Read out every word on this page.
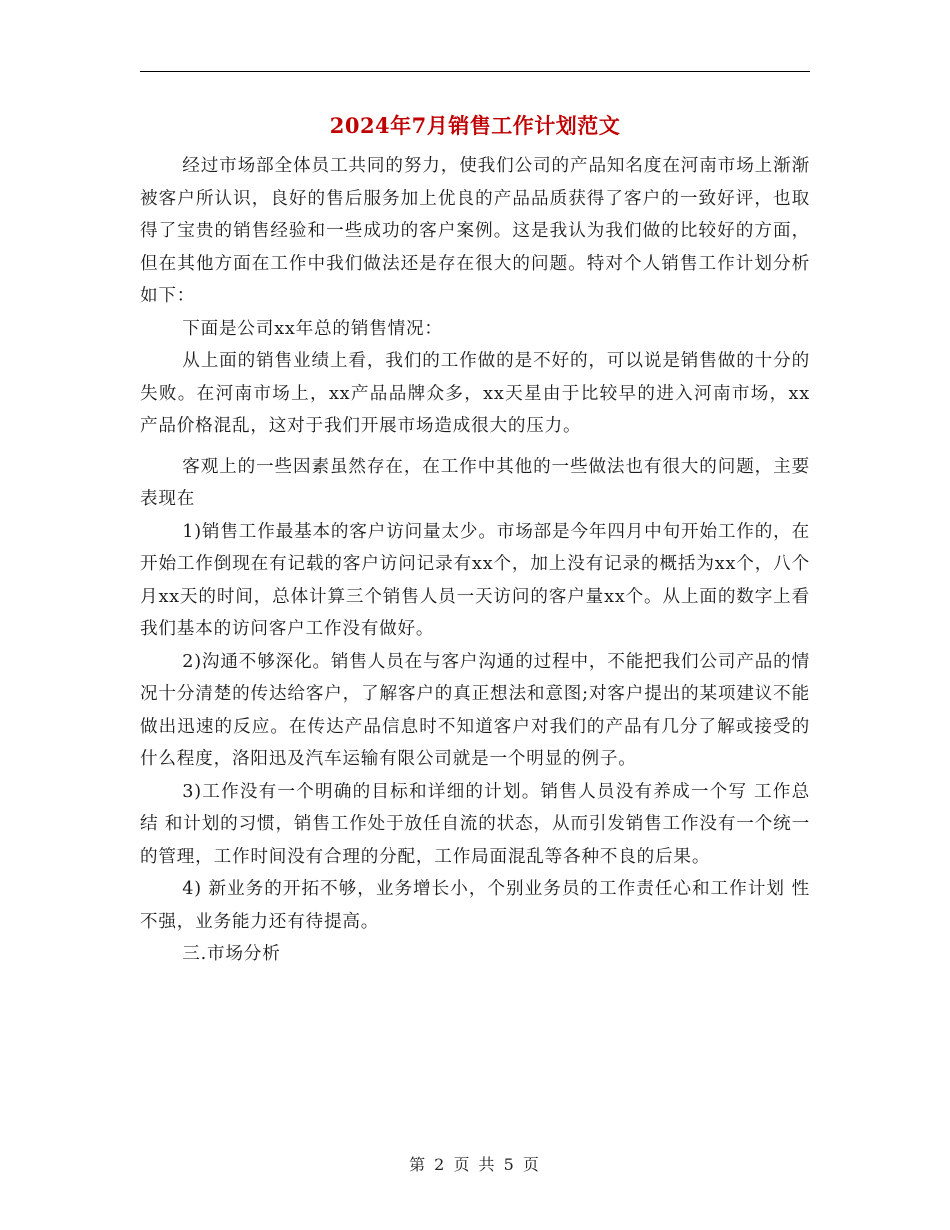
2024年7月销售工作计划范文

经过市场部全体员工共同的努力，使我们公司的产品知名度在河南市场上渐渐被客户所认识，良好的售后服务加上优良的产品品质获得了客户的一致好评，也取得了宝贵的销售经验和一些成功的客户案例。这是我认为我们做的比较好的方面，但在其他方面在工作中我们做法还是存在很大的问题。特对个人销售工作计划分析如下：

下面是公司xx年总的销售情况：

从上面的销售业绩上看，我们的工作做的是不好的，可以说是销售做的十分的失败。在河南市场上，xx产品品牌众多，xx天星由于比较早的进入河南市场，xx产品价格混乱，这对于我们开展市场造成很大的压力。

客观上的一些因素虽然存在，在工作中其他的一些做法也有很大的问题，主要表现在

1)销售工作最基本的客户访问量太少。市场部是今年四月中旬开始工作的，在开始工作倒现在有记载的客户访问记录有xx个，加上没有记录的概括为xx个，八个月xx天的时间，总体计算三个销售人员一天访问的客户量xx个。从上面的数字上看我们基本的访问客户工作没有做好。

2)沟通不够深化。销售人员在与客户沟通的过程中，不能把我们公司产品的情况十分清楚的传达给客户，了解客户的真正想法和意图;对客户提出的某项建议不能做出迅速的反应。在传达产品信息时不知道客户对我们的产品有几分了解或接受的什么程度，洛阳迅及汽车运输有限公司就是一个明显的例子。

3)工作没有一个明确的目标和详细的计划。销售人员没有养成一个写 工作总结 和计划的习惯，销售工作处于放任自流的状态，从而引发销售工作没有一个统一的管理，工作时间没有合理的分配，工作局面混乱等各种不良的后果。

4) 新业务的开拓不够，业务增长小，个别业务员的工作责任心和工作计划 性不强，业务能力还有待提高。

三.市场分析

第 2 页 共 5 页
